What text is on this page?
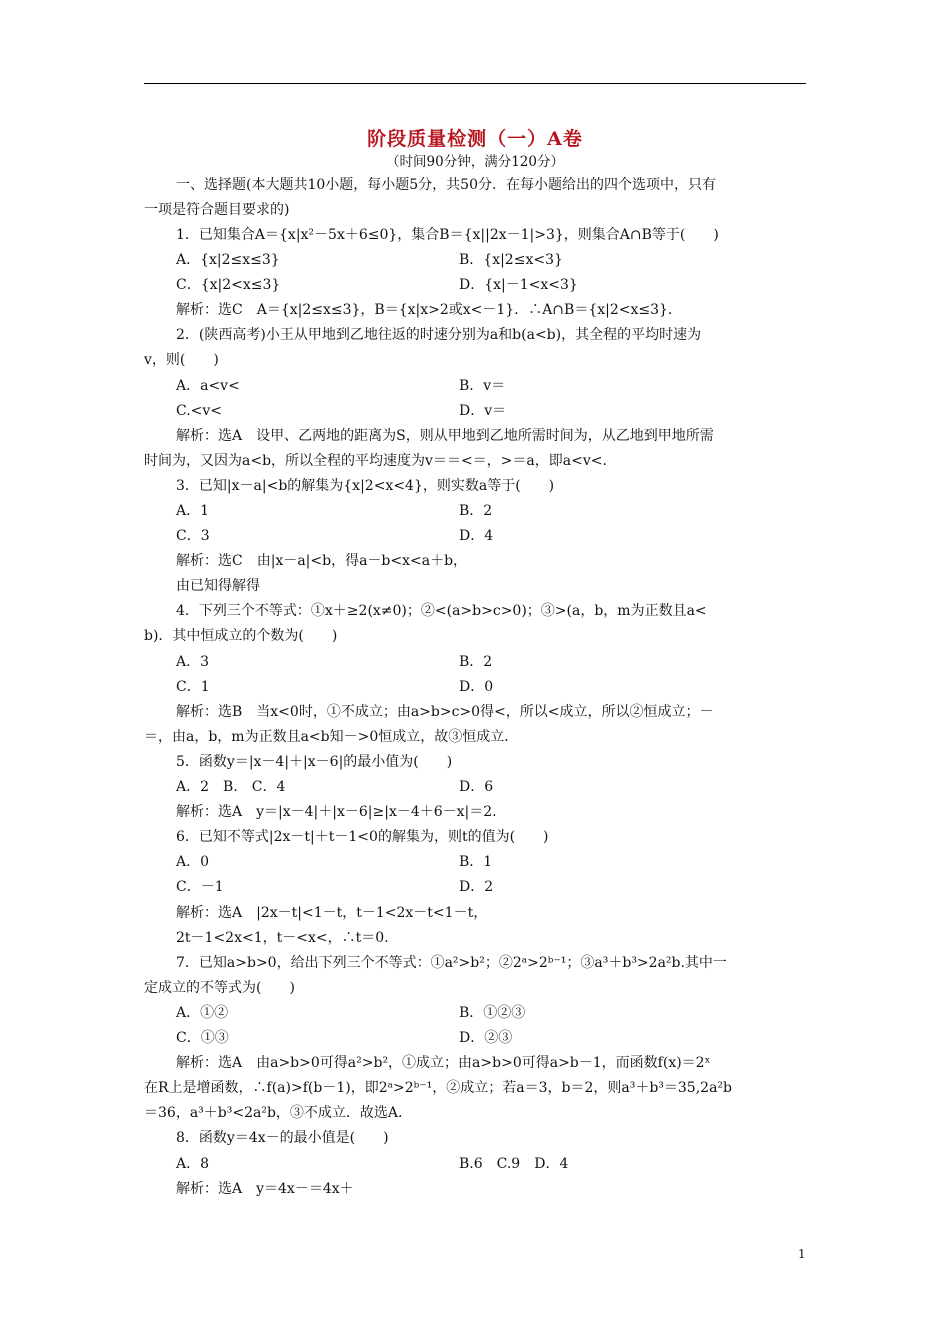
阶段质量检测（一）A卷
（时间90分钟，满分120分）
一、选择题(本大题共10小题，每小题5分，共50分．在每小题给出的四个选项中，只有
一项是符合题目要求的)
1．已知集合A＝{x|x²－5x＋6≤0}，集合B＝{x||2x－1|>3}，则集合A∩B等于(　　)
A．{x|2≤x≤3}	B．{x|2≤x<3}
C．{x|2<x≤3}	D．{x|－1<x<3}
解析：选C　A＝{x|2≤x≤3}，B＝{x|x>2或x<－1}．∴A∩B＝{x|2<x≤3}．
2．(陕西高考)小王从甲地到乙地往返的时速分别为a和b(a<b)，其全程的平均时速为
v，则(　　)
A．a<v<	B．v＝
C.<v<	D．v＝
解析：选A　设甲、乙两地的距离为S，则从甲地到乙地所需时间为，从乙地到甲地所需
时间为，又因为a<b，所以全程的平均速度为v＝＝<＝，>＝a，即a<v<.
3．已知|x－a|<b的解集为{x|2<x<4}，则实数a等于(　　)
A．1	B．2
C．3	D．4
解析：选C　由|x－a|<b，得a－b<x<a＋b，
由已知得解得
4．下列三个不等式：①x＋≥2(x≠0)；②<(a>b>c>0)；③>(a，b，m为正数且a<
b)．其中恒成立的个数为(　　)
A．3	B．2
C．1	D．0
解析：选B　当x<0时，①不成立；由a>b>c>0得<，所以<成立，所以②恒成立；－
＝，由a，b，m为正数且a<b知－>0恒成立，故③恒成立．
5．函数y＝|x－4|＋|x－6|的最小值为(　　)
A．2　B.　C．4	D．6
解析：选A　y＝|x－4|＋|x－6|≥|x－4＋6－x|＝2.
6．已知不等式|2x－t|＋t－1<0的解集为，则t的值为(　　)
A．0	B．1
C．－1	D．2
解析：选A　|2x－t|<1－t，t－1<2x－t<1－t，
2t－1<2x<1，t－<x<，∴t＝0.
7．已知a>b>0，给出下列三个不等式：①a²>b²；②2ᵃ>2ᵇ⁻¹；③a³＋b³>2a²b.其中一
定成立的不等式为(　　)
A．①②	B．①②③
C．①③	D．②③
解析：选A　由a>b>0可得a²>b²，①成立；由a>b>0可得a>b－1，而函数f(x)＝2ˣ
在R上是增函数，∴f(a)>f(b－1)，即2ᵃ>2ᵇ⁻¹，②成立；若a＝3，b＝2，则a³＋b³＝35,2a²b
＝36，a³＋b³<2a²b，③不成立．故选A.
8．函数y＝4x－的最小值是(　　)
A．8	B.6　C.9　D．4
解析：选A　y＝4x－＝4x＋
1
